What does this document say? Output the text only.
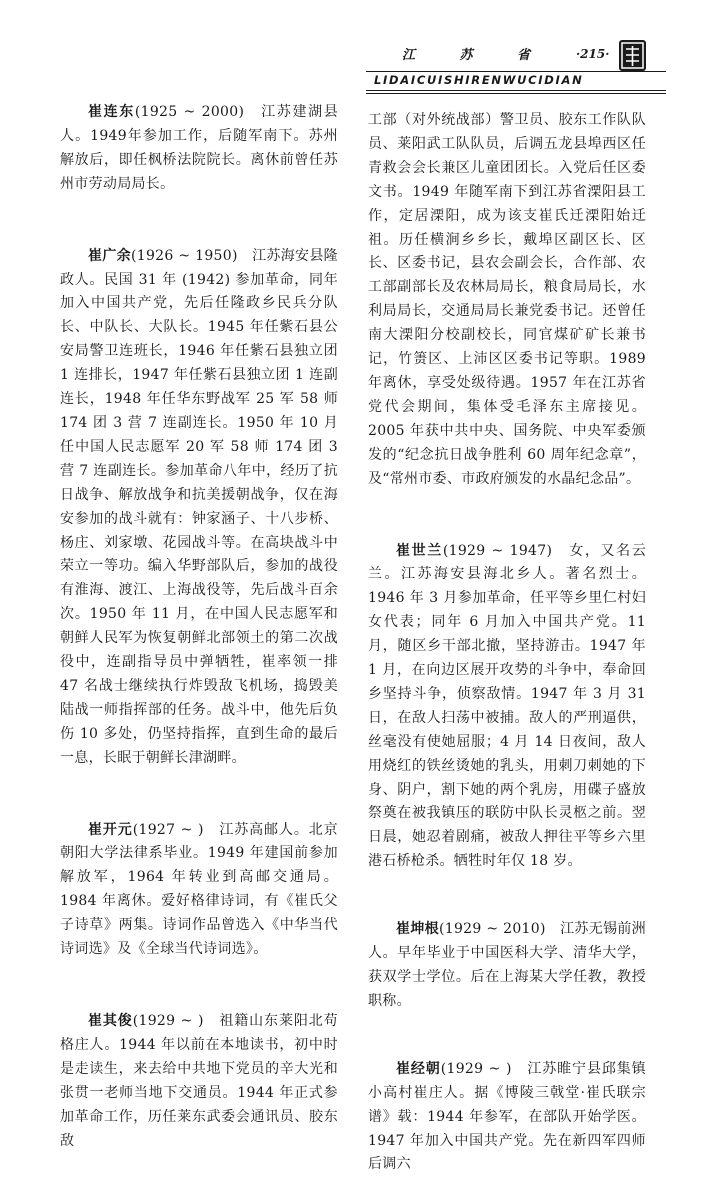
江 苏 省 ·215·
LIDAICUISHIRENWUCIDIAN

崔连东(1925 ~ 2000)　 江苏建湖县人。1949年参加工作，后随军南下。苏州解放后，即任枫桥法院院长。离休前曾任苏州市劳动局局长。

崔广余(1926 ~ 1950)　 江苏海安县隆政人。民国 31 年 (1942) 参加革命，同年加入中国共产党，先后任隆政乡民兵分队长、中队长、大队长。1945 年任紫石县公安局警卫连班长，1946 年任紫石县独立团 1 连排长，1947 年任紫石县独立团 1 连副连长，1948 年任华东野战军 25 军 58 师 174 团 3 营 7 连副连长。1950 年 10 月任中国人民志愿军 20 军 58 师 174 团 3 营 7 连副连长。参加革命八年中，经历了抗日战争、解放战争和抗美援朝战争，仅在海安参加的战斗就有：钟家涵子、十八步桥、杨庄、刘家墩、花园战斗等。在高块战斗中荣立一等功。编入华野部队后，参加的战役有淮海、渡江、上海战役等，先后战斗百余次。1950 年 11 月，在中国人民志愿军和朝鲜人民军为恢复朝鲜北部领土的第二次战役中，连副指导员中弹牺牲，崔率领一排 47 名战士继续执行炸毁敌飞机场，捣毁美陆战一师指挥部的任务。战斗中，他先后负伤 10 多处，仍坚持指挥，直到生命的最后一息，长眠于朝鲜长津湖畔。

崔开元(1927 ~ )　 江苏高邮人。北京朝阳大学法律系毕业。1949 年建国前参加解放军，1964 年转业到高邮交通局。1984 年离休。爱好格律诗词，有《崔氏父子诗草》两集。诗词作品曾选入《中华当代诗词选》及《全球当代诗词选》。

崔其俊(1929 ~ )　 祖籍山东莱阳北苟格庄人。1944 年以前在本地读书，初中时是走读生，来去给中共地下党员的辛大光和张贯一老师当地下交通员。1944 年正式参加革命工作，历任莱东武委会通讯员、胶东敌

工部（对外统战部）警卫员、胶东工作队队员、莱阳武工队队员，后调五龙县埠西区任青救会会长兼区儿童团团长。入党后任区委文书。1949 年随军南下到江苏省溧阳县工作，定居溧阳，成为该支崔氏迁溧阳始迁祖。历任横涧乡乡长，戴埠区副区长、区长、区委书记，县农会副会长，合作部、农工部副部长及农林局局长，粮食局局长，水利局局长，交通局局长兼党委书记。还曾任南大溧阳分校副校长，同官煤矿矿长兼书记，竹箦区、上沛区区委书记等职。1989 年离休，享受处级待遇。1957 年在江苏省党代会期间，集体受毛泽东主席接见。2005 年获中共中央、国务院、中央军委颁发的“纪念抗日战争胜利 60 周年纪念章”，及“常州市委、市政府颁发的水晶纪念品”。

崔世兰(1929 ~ 1947)　 女，又名云兰。江苏海安县海北乡人。著名烈士。1946 年 3 月参加革命，任平等乡里仁村妇女代表；同年 6 月加入中国共产党。11 月，随区乡干部北撤，坚持游击。1947 年 1 月，在向边区展开攻势的斗争中，奉命回乡坚持斗争，侦察敌情。1947 年 3 月 31 日，在敌人扫荡中被捕。敌人的严刑逼供，丝毫没有使她屈服；4 月 14 日夜间，敌人用烧红的铁丝烫她的乳头，用刺刀刺她的下身、阴户，割下她的两个乳房，用碟子盛放祭奠在被我镇压的联防中队长灵柩之前。翌日晨，她忍着剧痛，被敌人押往平等乡六里港石桥枪杀。牺牲时年仅 18 岁。

崔坤根(1929 ~ 2010)　 江苏无锡前洲人。早年毕业于中国医科大学、清华大学，获双学士学位。后在上海某大学任教，教授职称。

崔经朝(1929 ~ )　 江苏睢宁县邱集镇小高村崔庄人。据《博陵三戟堂·崔氏联宗谱》载：1944 年参军，在部队开始学医。1947 年加入中国共产党。先在新四军四师后调六
